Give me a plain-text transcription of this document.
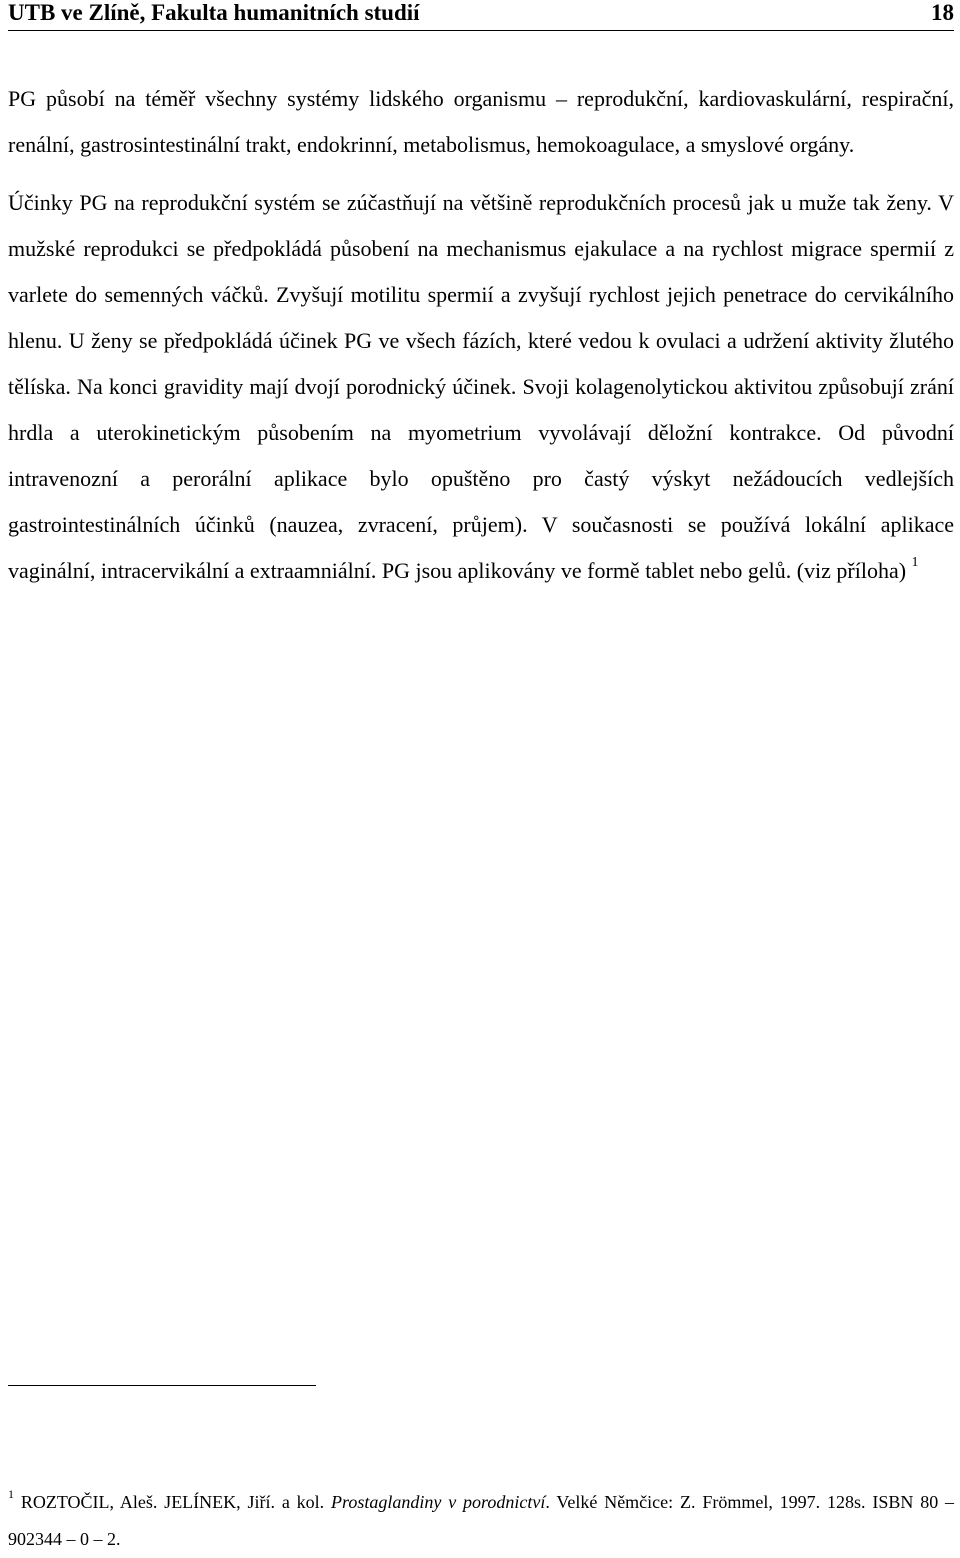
UTB ve Zlíně, Fakulta humanitních studií	18

PG působí na téměř všechny systémy lidského organismu – reprodukční, kardiovaskulární, respirační, renální, gastrosintestinální trakt, endokrinní, metabolismus, hemokoagulace, a smyslové orgány.

Účinky PG na reprodukční systém se zúčastňují na většině reprodukčních procesů jak u muže tak ženy. V mužské reprodukci se předpokládá působení na mechanismus ejakulace a na rychlost migrace spermií z varlete do semenných váčků. Zvyšují motilitu spermií a zvyšují rychlost jejich penetrace do cervikálního hlenu. U ženy se předpokládá účinek PG ve všech fázích, které vedou k ovulaci a udržení aktivity žlutého tělíska. Na konci gravidity mají dvojí porodnický účinek. Svoji kolagenolytickou aktivitou způsobují zrání hrdla a uterokinetickým působením na myometrium vyvolávají děložní kontrakce. Od původní intravenozní a perorální aplikace bylo opuštěno pro častý výskyt nežádoucích vedlejších gastrointestinálních účinků (nauzea, zvracení, průjem). V současnosti se používá lokální aplikace vaginální, intracervikální a extraamniální. PG jsou aplikovány ve formě tablet nebo gelů. (viz příloha) $^1$

$^1$ ROZTOČIL, Aleš. JELÍNEK, Jiří. a kol. Prostaglandiny v porodnictví. Velké Němčice: Z. Frömmel, 1997. 128s. ISBN 80 – 902344 – 0 – 2.
